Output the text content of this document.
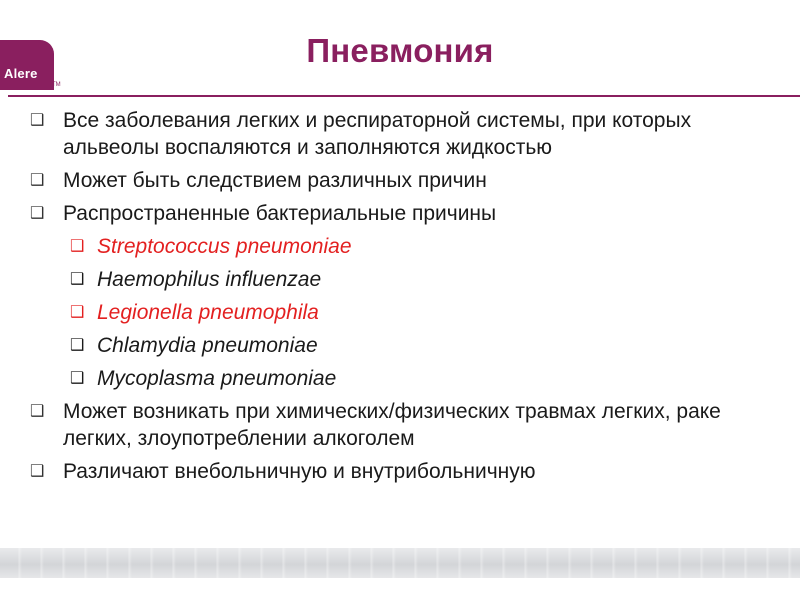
Alere
TM
Пневмония
❑ Все заболевания легких и респираторной системы, при которых альвеолы воспаляются и заполняются жидкостью
❑ Может быть следствием различных причин
❑ Распространенные бактериальные причины
❑ Streptococcus pneumoniae
❑ Haemophilus influenzae
❑ Legionella pneumophila
❑ Chlamydia pneumoniae
❑ Mycoplasma pneumoniae
❑ Может возникать при химических/физических травмах легких, раке легких, злоупотреблении алкоголем
❑ Различают внебольничную и внутрибольничную
